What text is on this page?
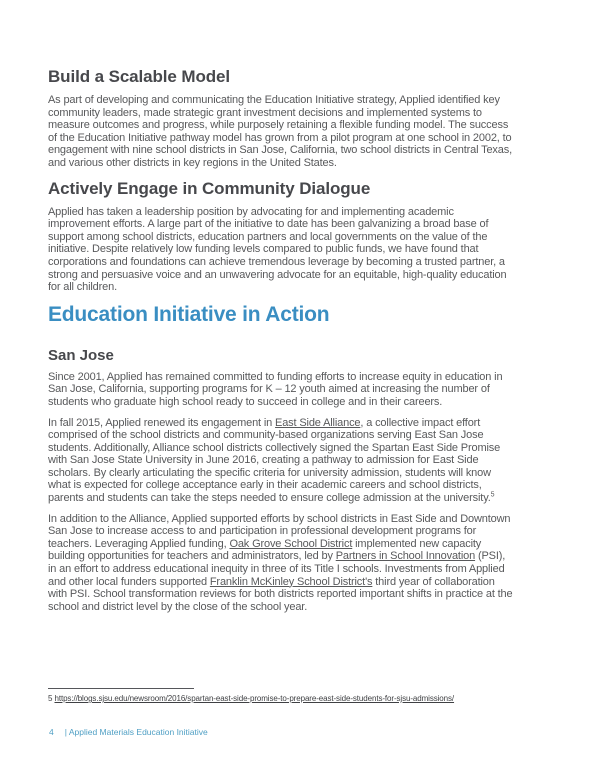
Build a Scalable Model

As part of developing and communicating the Education Initiative strategy, Applied identified key community leaders, made strategic grant investment decisions and implemented systems to measure outcomes and progress, while purposely retaining a flexible funding model. The success of the Education Initiative pathway model has grown from a pilot program at one school in 2002, to engagement with nine school districts in San Jose, California, two school districts in Central Texas, and various other districts in key regions in the United States.

Actively Engage in Community Dialogue

Applied has taken a leadership position by advocating for and implementing academic improvement efforts. A large part of the initiative to date has been galvanizing a broad base of support among school districts, education partners and local governments on the value of the initiative. Despite relatively low funding levels compared to public funds, we have found that corporations and foundations can achieve tremendous leverage by becoming a trusted partner, a strong and persuasive voice and an unwavering advocate for an equitable, high-quality education for all children.

Education Initiative in Action
San Jose

Since 2001, Applied has remained committed to funding efforts to increase equity in education in San Jose, California, supporting programs for K – 12 youth aimed at increasing the number of students who graduate high school ready to succeed in college and in their careers.

In fall 2015, Applied renewed its engagement in East Side Alliance, a collective impact effort comprised of the school districts and community-based organizations serving East San Jose students. Additionally, Alliance school districts collectively signed the Spartan East Side Promise with San Jose State University in June 2016, creating a pathway to admission for East Side scholars. By clearly articulating the specific criteria for university admission, students will know what is expected for college acceptance early in their academic careers and school districts, parents and students can take the steps needed to ensure college admission at the university.$^5$

In addition to the Alliance, Applied supported efforts by school districts in East Side and Downtown San Jose to increase access to and participation in professional development programs for teachers. Leveraging Applied funding, Oak Grove School District implemented new capacity building opportunities for teachers and administrators, led by Partners in School Innovation (PSI), in an effort to address educational inequity in three of its Title I schools. Investments from Applied and other local funders supported Franklin McKinley School District's third year of collaboration with PSI. School transformation reviews for both districts reported important shifts in practice at the school and district level by the close of the school year.

5 https://blogs.sjsu.edu/newsroom/2016/spartan-east-side-promise-to-prepare-east-side-students-for-sjsu-admissions/
4 | Applied Materials Education Initiative
